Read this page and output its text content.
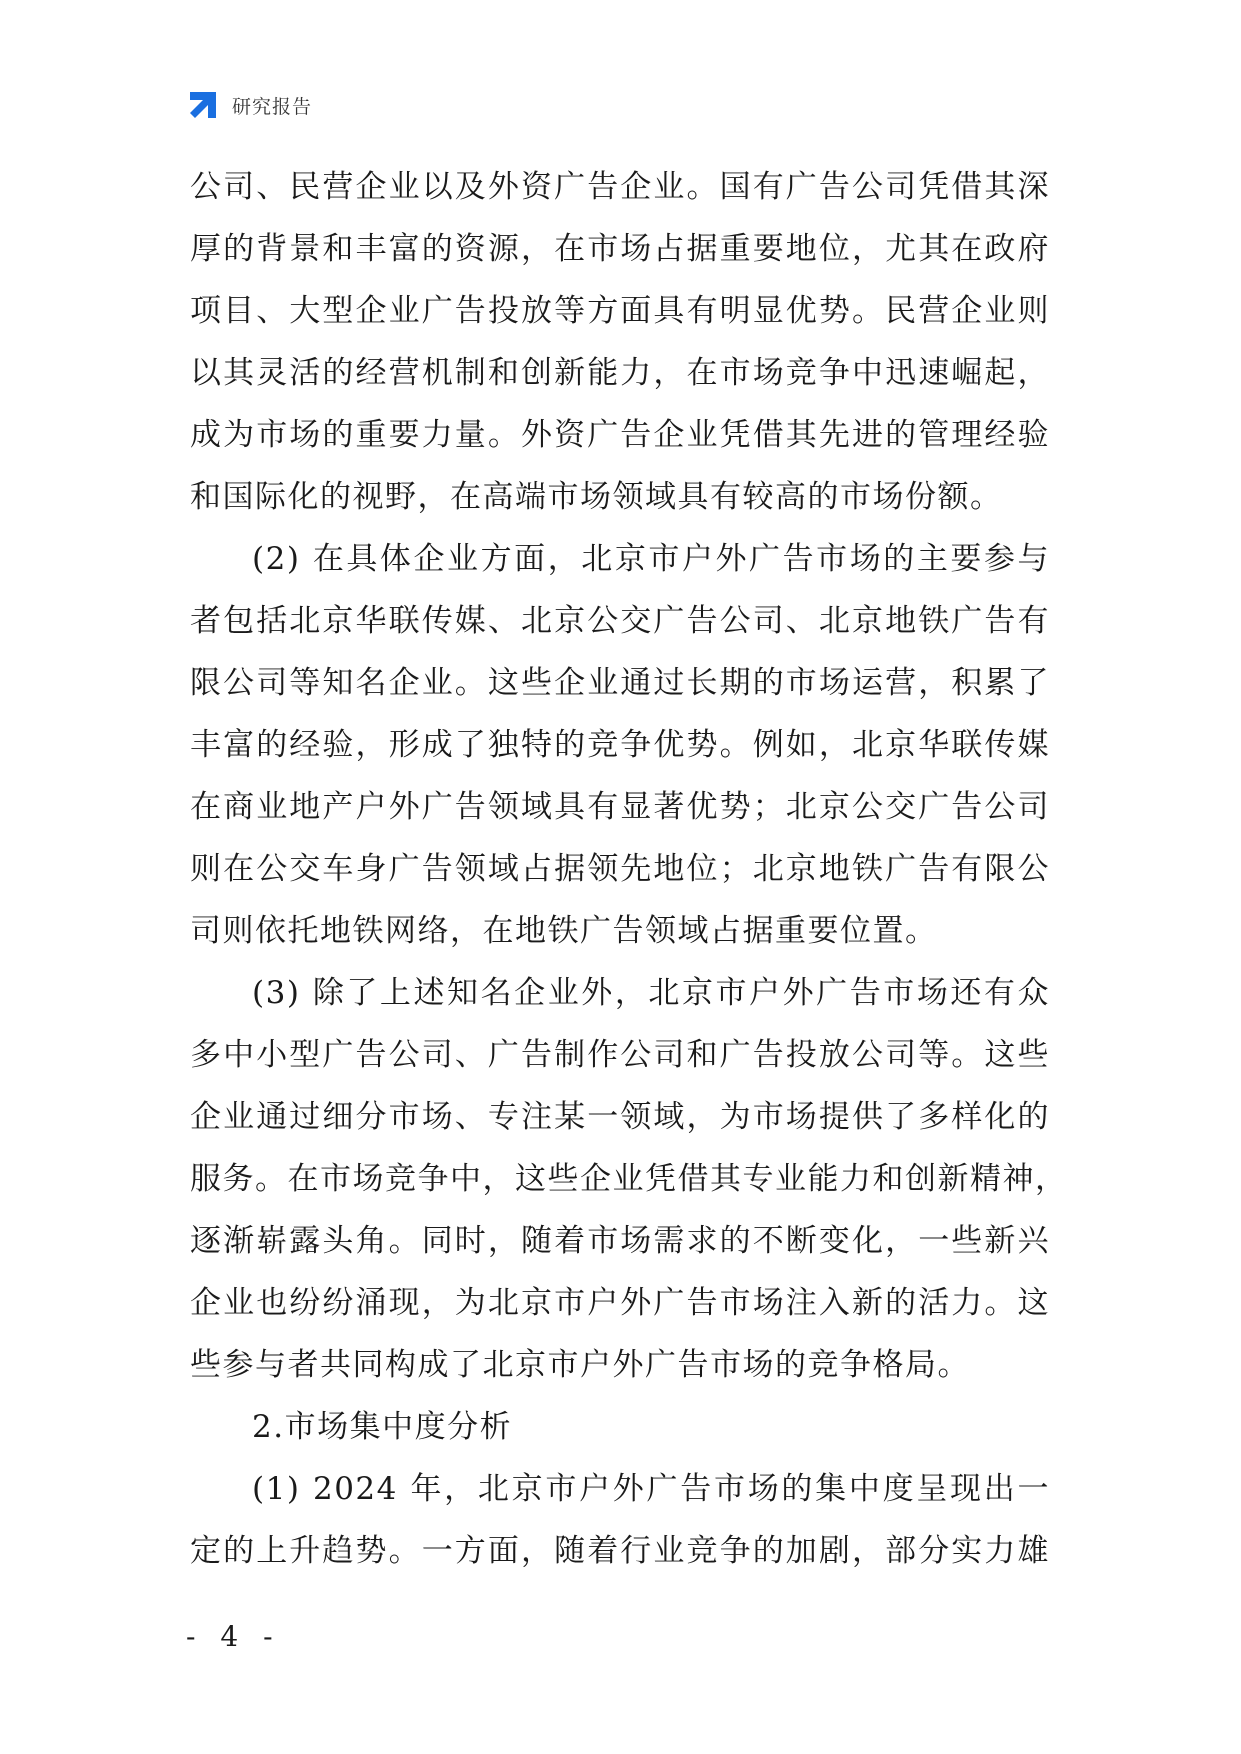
研究报告
公司、民营企业以及外资广告企业。国有广告公司凭借其深
厚的背景和丰富的资源，在市场占据重要地位，尤其在政府
项目、大型企业广告投放等方面具有明显优势。民营企业则
以其灵活的经营机制和创新能力，在市场竞争中迅速崛起，
成为市场的重要力量。外资广告企业凭借其先进的管理经验
和国际化的视野，在高端市场领域具有较高的市场份额。
(2) 在具体企业方面，北京市户外广告市场的主要参与
者包括北京华联传媒、北京公交广告公司、北京地铁广告有
限公司等知名企业。这些企业通过长期的市场运营，积累了
丰富的经验，形成了独特的竞争优势。例如，北京华联传媒
在商业地产户外广告领域具有显著优势；北京公交广告公司
则在公交车身广告领域占据领先地位；北京地铁广告有限公
司则依托地铁网络，在地铁广告领域占据重要位置。
(3) 除了上述知名企业外，北京市户外广告市场还有众
多中小型广告公司、广告制作公司和广告投放公司等。这些
企业通过细分市场、专注某一领域，为市场提供了多样化的
服务。在市场竞争中，这些企业凭借其专业能力和创新精神，
逐渐崭露头角。同时，随着市场需求的不断变化，一些新兴
企业也纷纷涌现，为北京市户外广告市场注入新的活力。这
些参与者共同构成了北京市户外广告市场的竞争格局。
2.市场集中度分析
(1) 2024 年，北京市户外广告市场的集中度呈现出一
定的上升趋势。一方面，随着行业竞争的加剧，部分实力雄
- 4 -
